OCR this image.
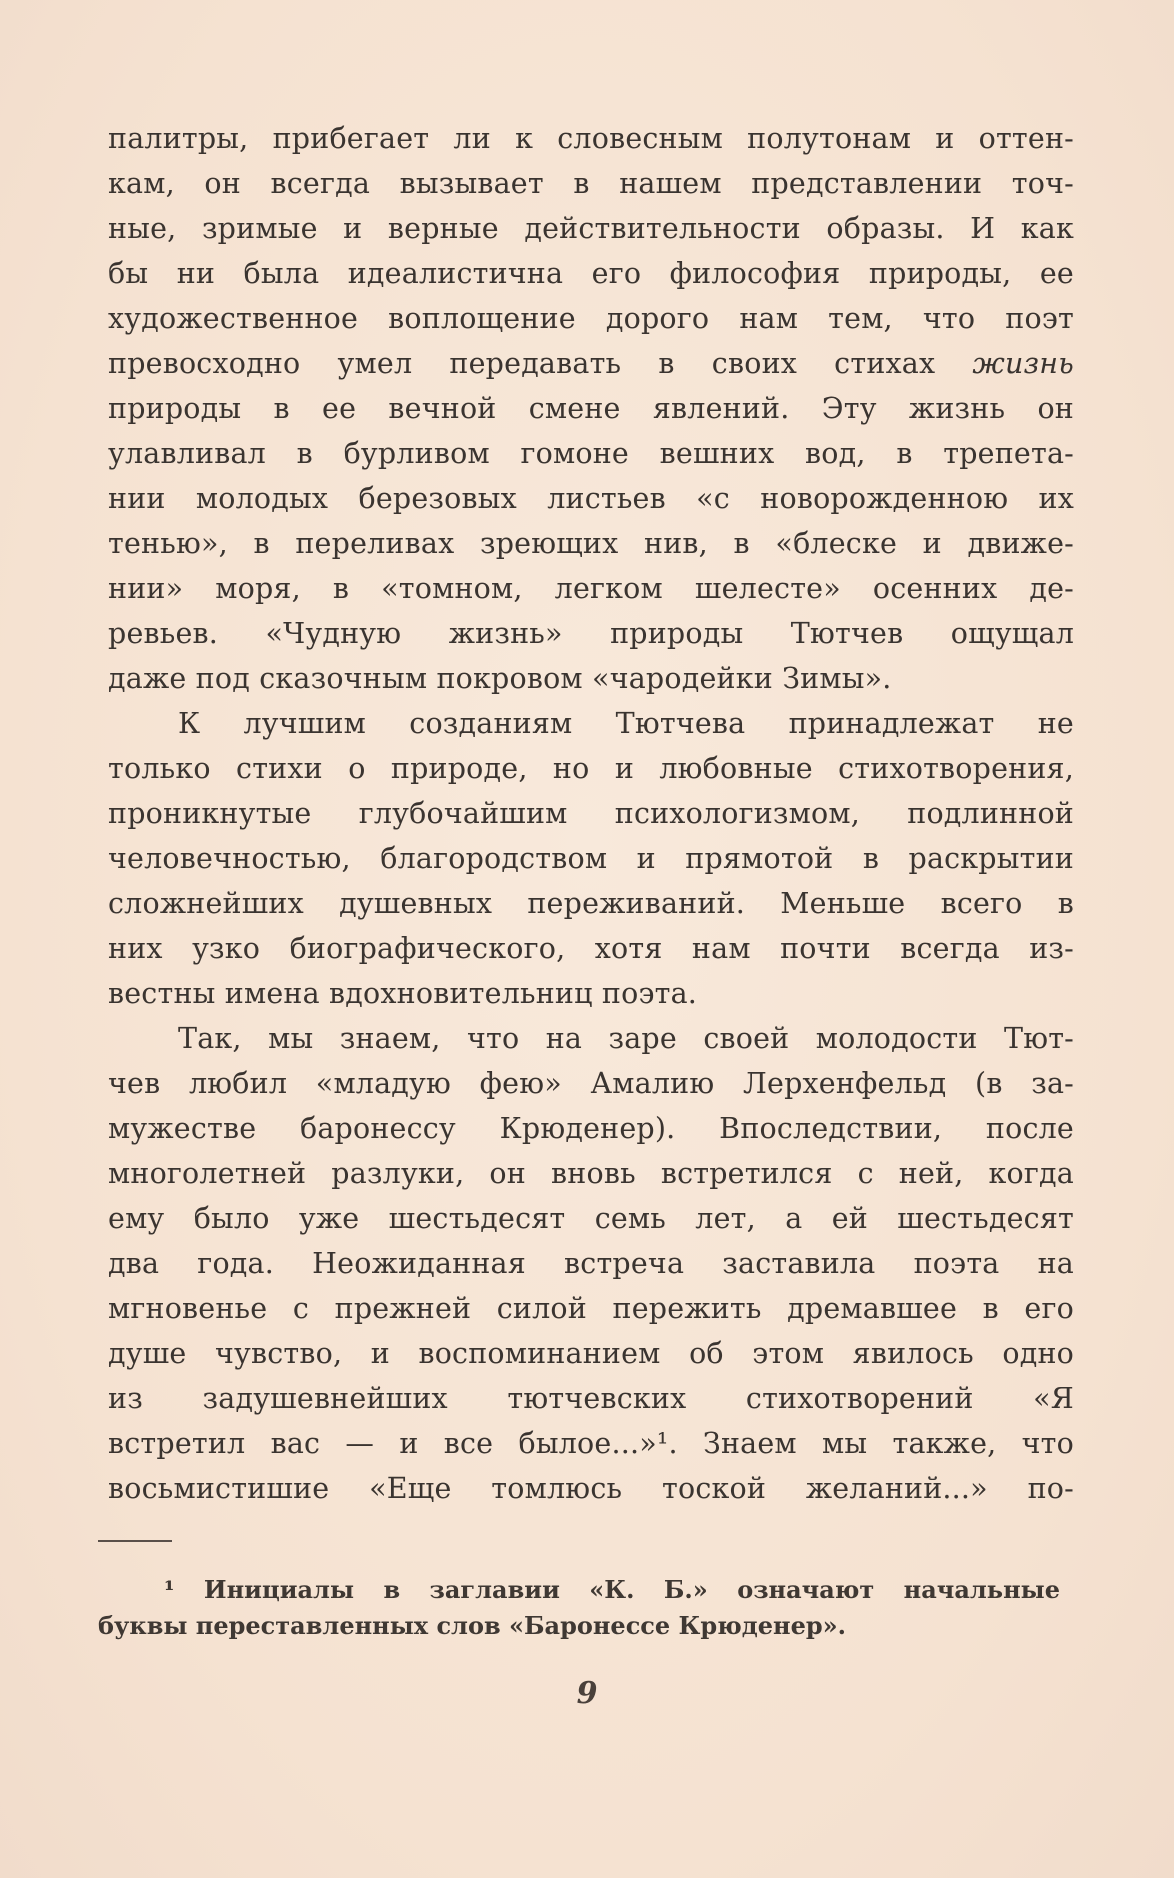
палитры, прибегает ли к словесным полутонам и оттен-
кам, он всегда вызывает в нашем представлении точ-
ные, зримые и верные действительности образы. И как
бы ни была идеалистична его философия природы, ее
художественное воплощение дорого нам тем, что поэт
превосходно умел передавать в своих стихах жизнь
природы в ее вечной смене явлений. Эту жизнь он
улавливал в бурливом гомоне вешних вод, в трепета-
нии молодых березовых листьев «с новорожденною их
тенью», в переливах зреющих нив, в «блеске и движе-
нии» моря, в «томном, легком шелесте» осенних де-
ревьев. «Чудную жизнь» природы Тютчев ощущал
даже под сказочным покровом «чародейки Зимы».
К лучшим созданиям Тютчева принадлежат не
только стихи о природе, но и любовные стихотворения,
проникнутые глубочайшим психологизмом, подлинной
человечностью, благородством и прямотой в раскрытии
сложнейших душевных переживаний. Меньше всего в
них узко биографического, хотя нам почти всегда из-
вестны имена вдохновительниц поэта.
Так, мы знаем, что на заре своей молодости Тют-
чев любил «младую фею» Амалию Лерхенфельд (в за-
мужестве баронессу Крюденер). Впоследствии, после
многолетней разлуки, он вновь встретился с ней, когда
ему было уже шестьдесят семь лет, а ей шестьдесят
два года. Неожиданная встреча заставила поэта на
мгновенье с прежней силой пережить дремавшее в его
душе чувство, и воспоминанием об этом явилось одно
из задушевнейших тютчевских стихотворений «Я
встретил вас — и все былое...»¹. Знаем мы также, что
восьмистишие «Еще томлюсь тоской желаний...» по-
¹ Инициалы в заглавии «К. Б.» означают начальные
буквы переставленных слов «Баронессе Крюденер».
9
